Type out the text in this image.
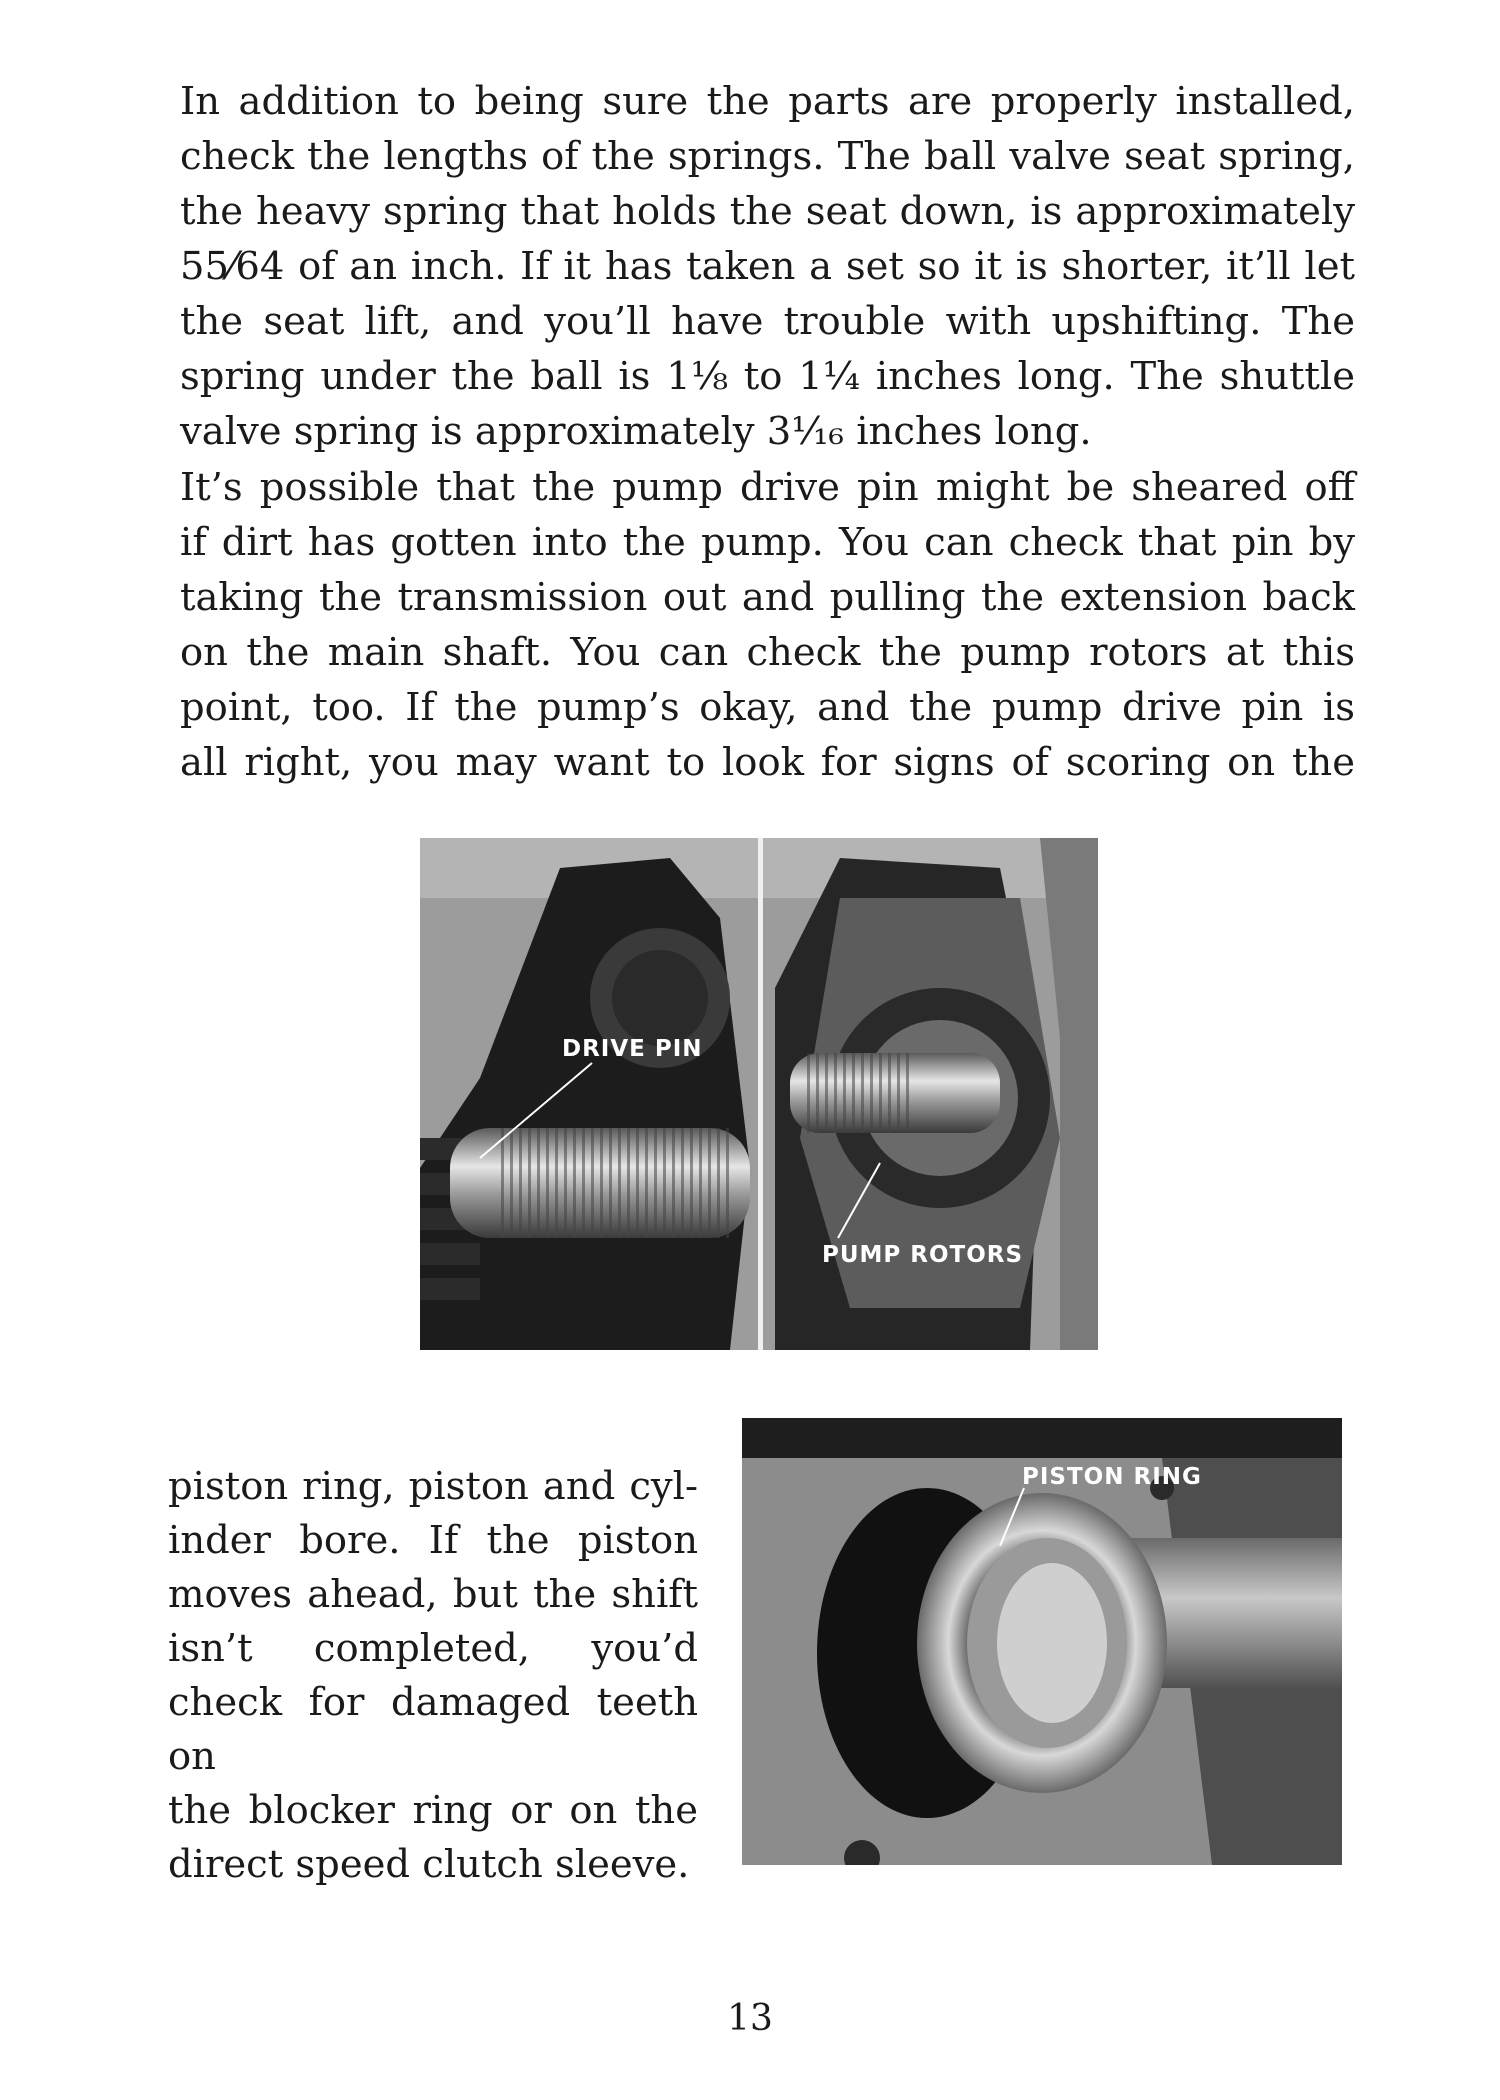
In addition to being sure the parts are properly installed,
check the lengths of the springs. The ball valve seat spring,
the heavy spring that holds the seat down, is approximately
55⁄64 of an inch. If it has taken a set so it is shorter, it’ll let
the seat lift, and you’ll have trouble with upshifting. The
spring under the ball is 1⅛ to 1¼ inches long. The shuttle
valve spring is approximately 3¹⁄₁₆ inches long.
It’s possible that the pump drive pin might be sheared off
if dirt has gotten into the pump. You can check that pin by
taking the transmission out and pulling the extension back
on the main shaft. You can check the pump rotors at this
point, too. If the pump’s okay, and the pump drive pin is
all right, you may want to look for signs of scoring on the
DRIVE PIN
PUMP ROTORS
piston ring, piston and cyl-
inder bore. If the piston
moves ahead, but the shift
isn’t completed, you’d
check for damaged teeth on
the blocker ring or on the
direct speed clutch sleeve.
PISTON RING
13
